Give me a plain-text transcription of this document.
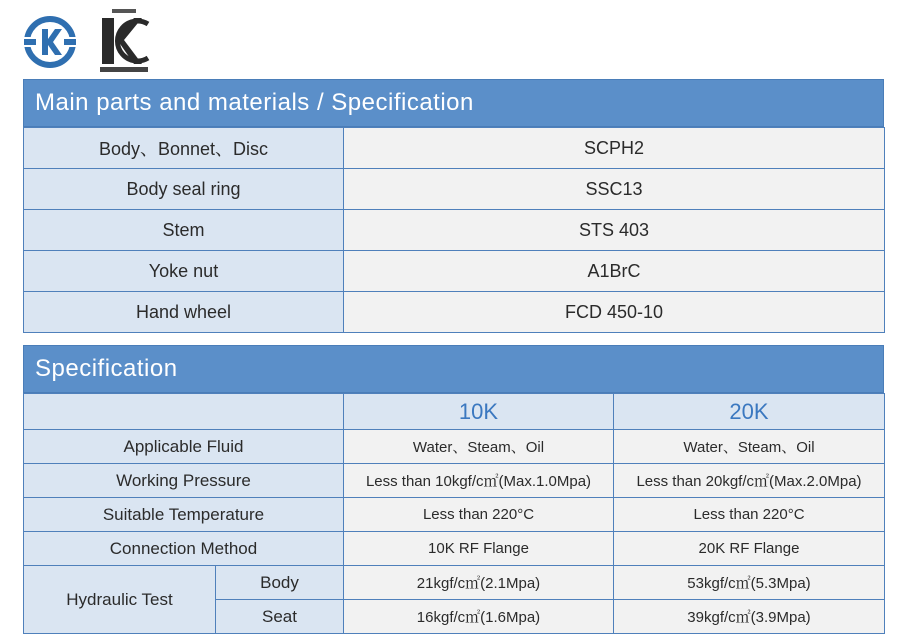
Main parts and materials / Specification
Body、Bonnet、Disc	SCPH2
Body seal ring	SSC13
Stem	STS 403
Yoke nut	A1BrC
Hand wheel	FCD 450-10
Specification
		10K	20K
Applicable Fluid		Water、Steam、Oil	Water、Steam、Oil
Working Pressure		Less than 10kgf/c㎡(Max.1.0Mpa)	Less than 20kgf/c㎡(Max.2.0Mpa)
Suitable Temperature		Less than 220°C	Less than 220°C
Connection Method		10K RF Flange	20K RF Flange
Hydraulic Test	Body	21kgf/c㎡(2.1Mpa)	53kgf/c㎡(5.3Mpa)
	Seat	16kgf/c㎡(1.6Mpa)	39kgf/c㎡(3.9Mpa)
